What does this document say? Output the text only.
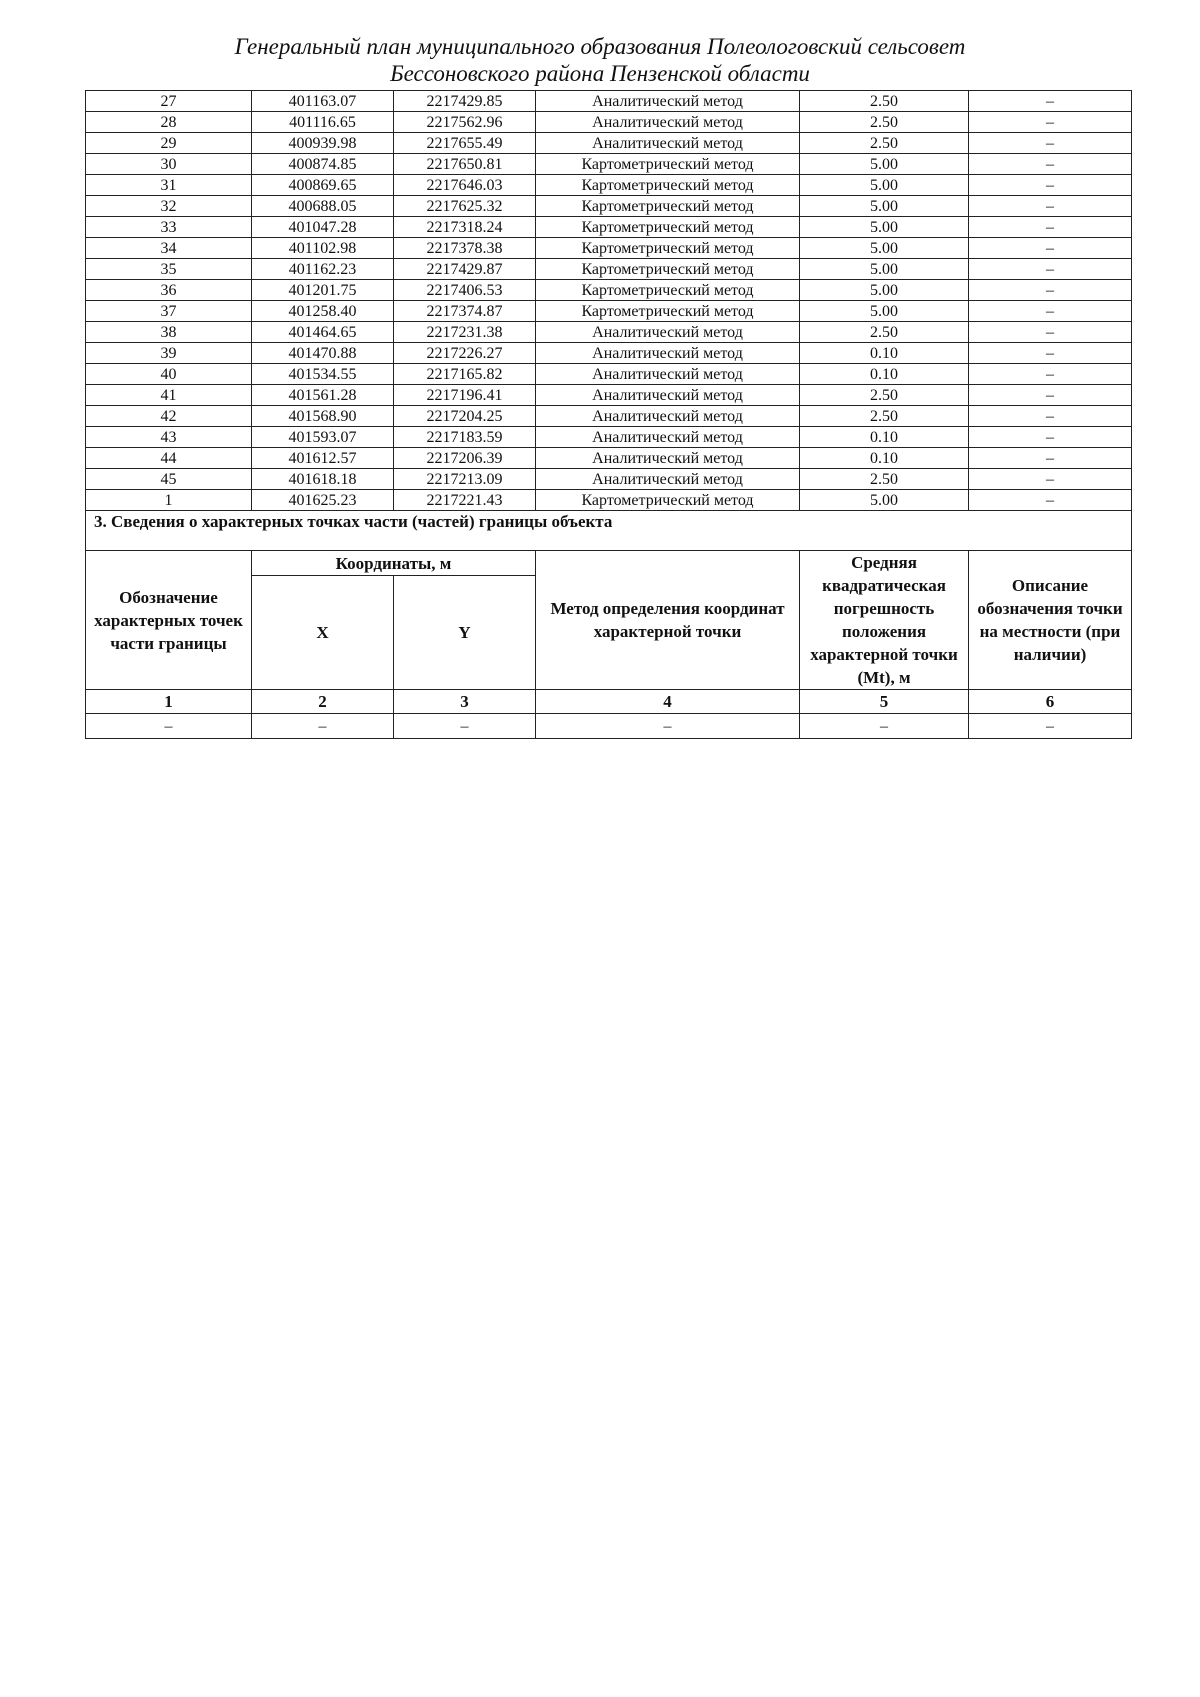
Генеральный план муниципального образования Полеологовский сельсовет
Бессоновского района Пензенской области
27	401163.07	2217429.85	Аналитический метод	2.50	–
28	401116.65	2217562.96	Аналитический метод	2.50	–
29	400939.98	2217655.49	Аналитический метод	2.50	–
30	400874.85	2217650.81	Картометрический метод	5.00	–
31	400869.65	2217646.03	Картометрический метод	5.00	–
32	400688.05	2217625.32	Картометрический метод	5.00	–
33	401047.28	2217318.24	Картометрический метод	5.00	–
34	401102.98	2217378.38	Картометрический метод	5.00	–
35	401162.23	2217429.87	Картометрический метод	5.00	–
36	401201.75	2217406.53	Картометрический метод	5.00	–
37	401258.40	2217374.87	Картометрический метод	5.00	–
38	401464.65	2217231.38	Аналитический метод	2.50	–
39	401470.88	2217226.27	Аналитический метод	0.10	–
40	401534.55	2217165.82	Аналитический метод	0.10	–
41	401561.28	2217196.41	Аналитический метод	2.50	–
42	401568.90	2217204.25	Аналитический метод	2.50	–
43	401593.07	2217183.59	Аналитический метод	0.10	–
44	401612.57	2217206.39	Аналитический метод	0.10	–
45	401618.18	2217213.09	Аналитический метод	2.50	–
1	401625.23	2217221.43	Картометрический метод	5.00	–
3. Сведения о характерных точках части (частей) границы объекта					
Обозначение характерных точек части границы	Координаты, м		Метод определения координат характерной точки	Средняя квадратическая погрешность положения характерной точки (Mt), м	Описание обозначения точки на местности (при наличии)
	X	Y			
1	2	3	4	5	6
–	–	–	–	–	–
